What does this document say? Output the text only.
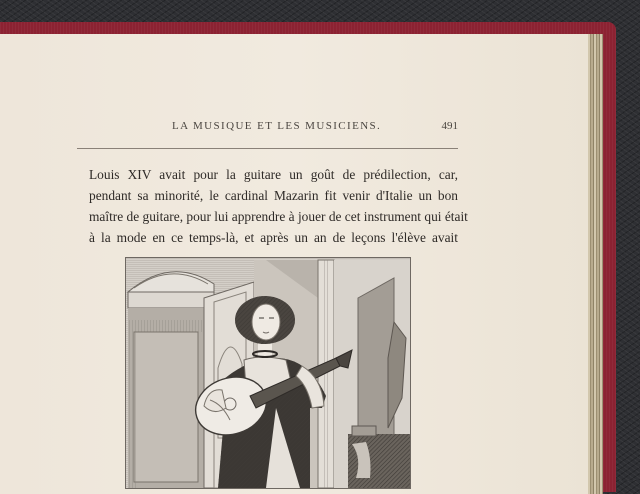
LA MUSIQUE ET LES MUSICIENS.	491
Louis XIV avait pour la guitare un goût de prédilection, car,
pendant sa minorité, le cardinal Mazarin fit venir d'Italie un bon
maître de guitare, pour lui apprendre à jouer de cet instrument qui était
à la mode en ce temps-là, et après un an de leçons l'élève avait
